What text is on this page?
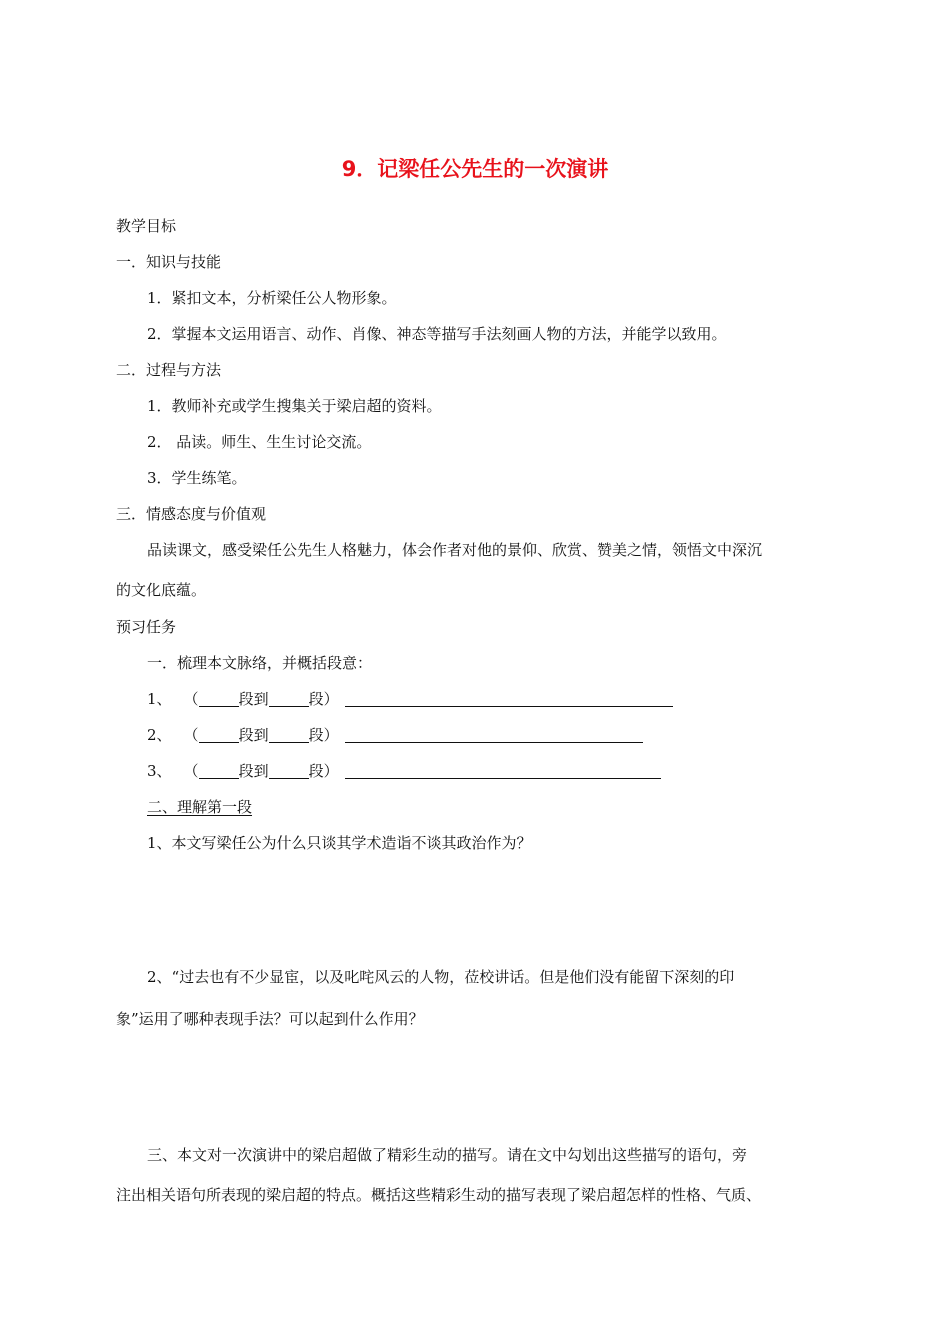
9．记梁任公先生的一次演讲
教学目标
一．知识与技能
1．紧扣文本，分析梁任公人物形象。
2．掌握本文运用语言、动作、肖像、神态等描写手法刻画人物的方法，并能学以致用。
二．过程与方法
1．教师补充或学生搜集关于梁启超的资料。
2． 品读。师生、生生讨论交流。
3．学生练笔。
三．情感态度与价值观
品读课文，感受梁任公先生人格魅力，体会作者对他的景仰、欣赏、赞美之情，领悟文中深沉
的文化底蕴。
预习任务
一．梳理本文脉络，并概括段意：
1、 （	段到	段）
2、 （	段到	段）
3、 （	段到	段）
二、理解第一段
1、本文写梁任公为什么只谈其学术造诣不谈其政治作为？
2、“过去也有不少显宦，以及叱咤风云的人物，莅校讲话。但是他们没有能留下深刻的印
象”运用了哪种表现手法？可以起到什么作用？
三、本文对一次演讲中的梁启超做了精彩生动的描写。请在文中勾划出这些描写的语句，旁
注出相关语句所表现的梁启超的特点。概括这些精彩生动的描写表现了梁启超怎样的性格、气质、
